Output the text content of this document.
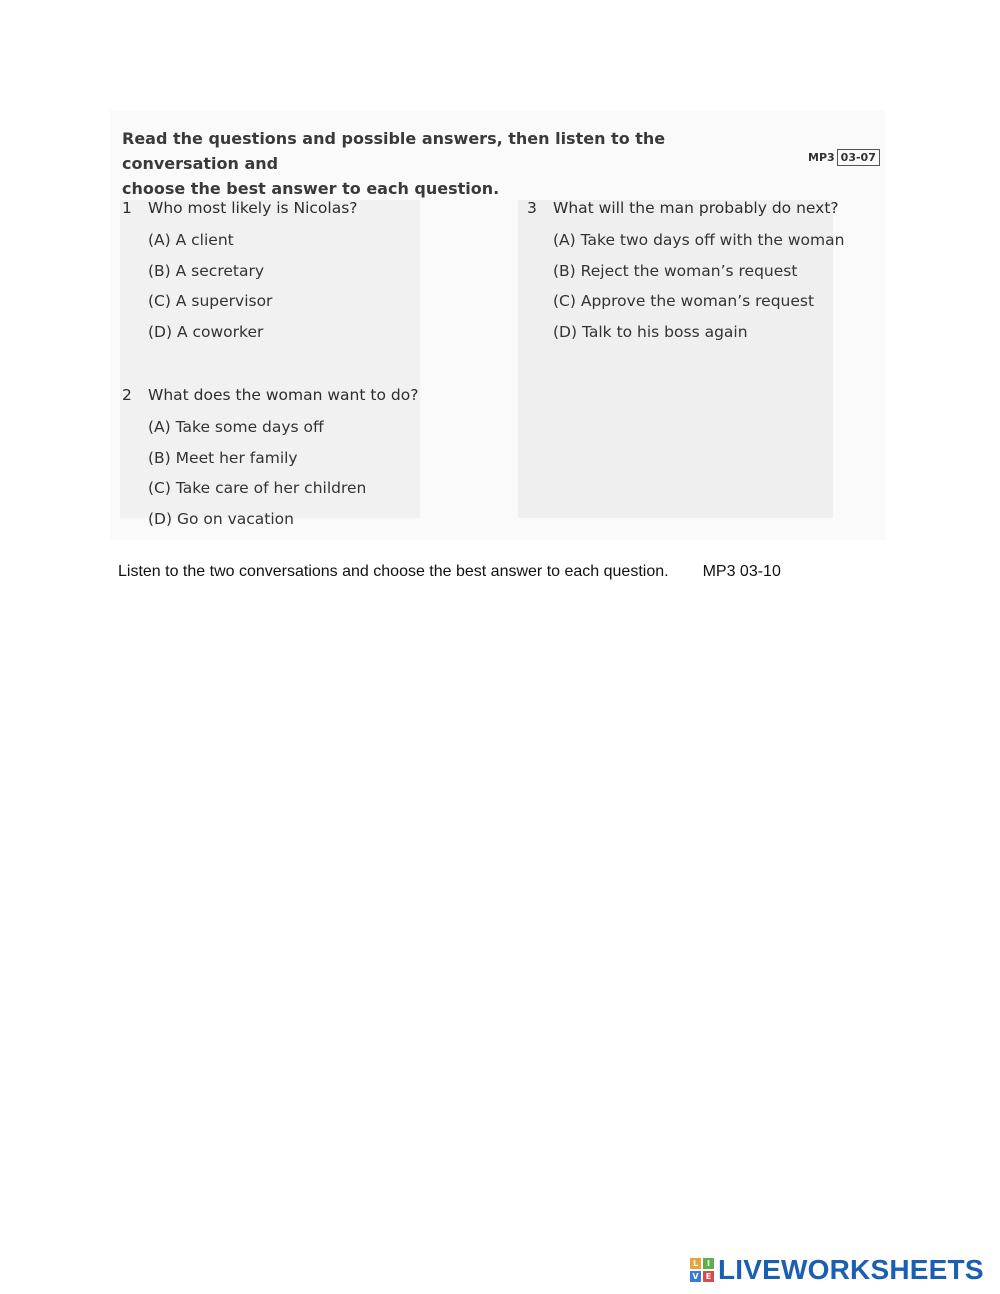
Read the questions and possible answers, then listen to the conversation and
choose the best answer to each question.

MP3 03-07
1	Who most likely is Nicolas?
(A) A client
(B) A secretary
(C) A supervisor
(D) A coworker
2	What does the woman want to do?
(A) Take some days off
(B) Meet her family
(C) Take care of her children
(D) Go on vacation
3	What will the man probably do next?
(A) Take two days off with the woman
(B) Reject the woman’s request
(C) Approve the woman’s request
(D) Talk to his boss again
Listen to the two conversations and choose the best answer to each question. MP3 03-10
L	I
V E LIVEWORKSHEETS
